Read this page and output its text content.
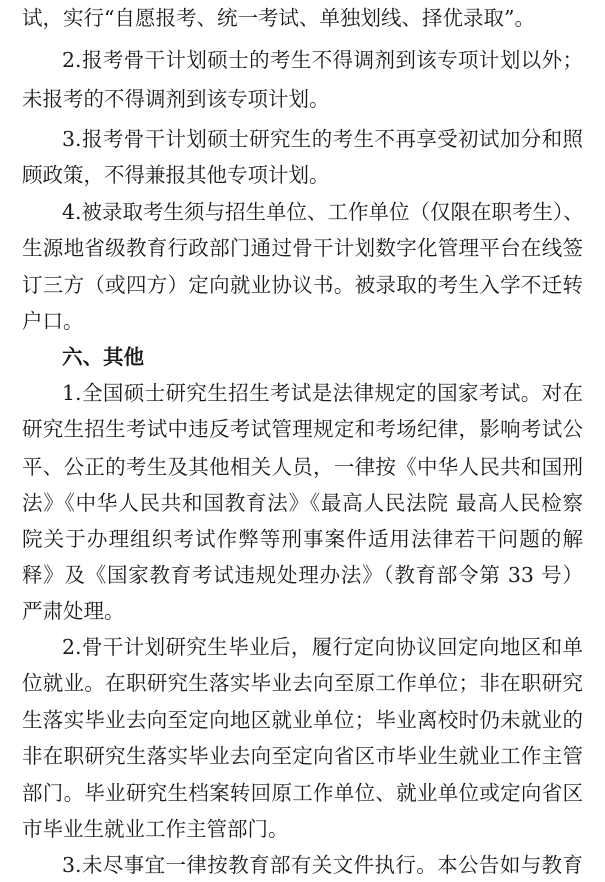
试，实行“自愿报考、统一考试、单独划线、择优录取”。
2.报考骨干计划硕士的考生不得调剂到该专项计划以外；
未报考的不得调剂到该专项计划。
3.报考骨干计划硕士研究生的考生不再享受初试加分和照
顾政策，不得兼报其他专项计划。
4.被录取考生须与招生单位、工作单位（仅限在职考生）、
生源地省级教育行政部门通过骨干计划数字化管理平台在线签
订三方（或四方）定向就业协议书。被录取的考生入学不迁转
户口。
六、其他
1.全国硕士研究生招生考试是法律规定的国家考试。对在
研究生招生考试中违反考试管理规定和考场纪律，影响考试公
平、公正的考生及其他相关人员，一律按《中华人民共和国刑
法》《中华人民共和国教育法》《最高人民法院 最高人民检察
院关于办理组织考试作弊等刑事案件适用法律若干问题的解
释》及《国家教育考试违规处理办法》（教育部令第 33 号）
严肃处理。
2.骨干计划研究生毕业后，履行定向协议回定向地区和单
位就业。在职研究生落实毕业去向至原工作单位；非在职研究
生落实毕业去向至定向地区就业单位；毕业离校时仍未就业的
非在职研究生落实毕业去向至定向省区市毕业生就业工作主管
部门。毕业研究生档案转回原工作单位、就业单位或定向省区
市毕业生就业工作主管部门。
3.未尽事宜一律按教育部有关文件执行。本公告如与教育
